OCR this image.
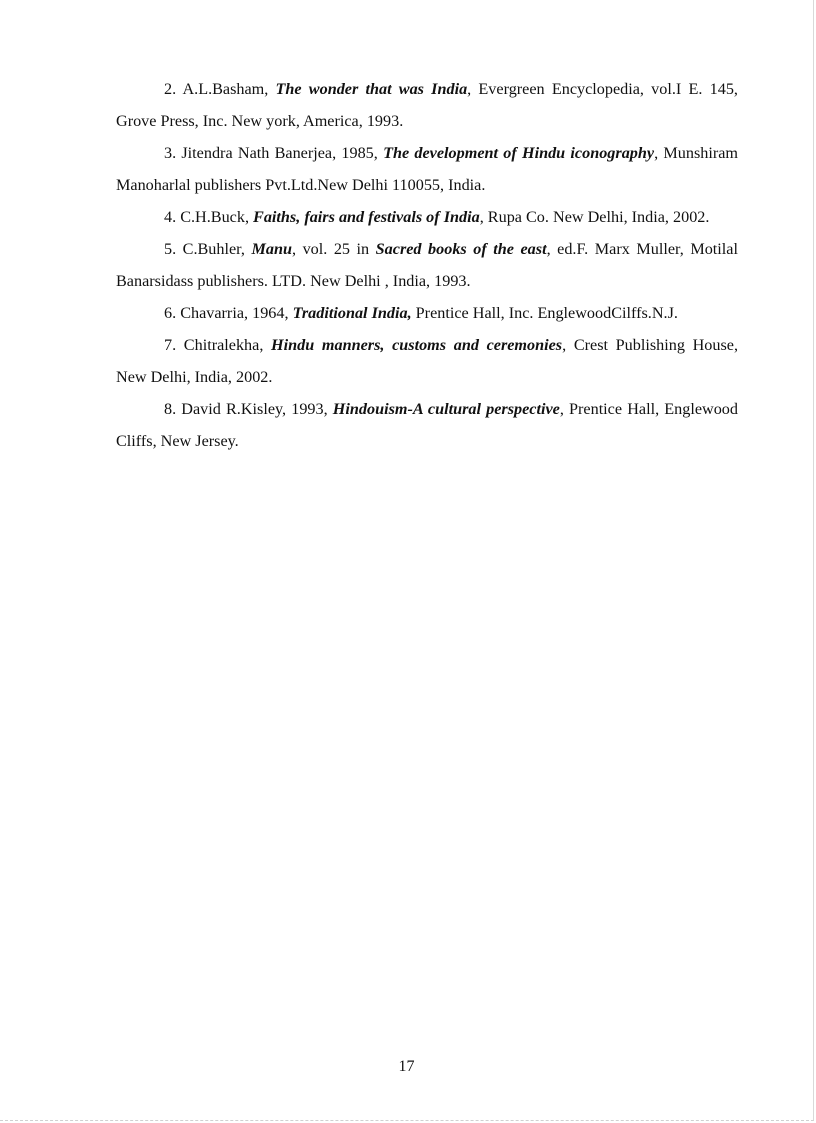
2. A.L.Basham, The wonder that was India, Evergreen Encyclopedia, vol.I E. 145, Grove Press, Inc. New york, America, 1993.

3. Jitendra Nath Banerjea, 1985, The development of Hindu iconography, Munshiram Manoharlal publishers Pvt.Ltd.New Delhi 110055, India.

4. C.H.Buck, Faiths, fairs and festivals of India, Rupa Co. New Delhi, India, 2002.

5. C.Buhler, Manu, vol. 25 in Sacred books of the east, ed.F. Marx Muller, Motilal Banarsidass publishers. LTD. New Delhi , India, 1993.

6. Chavarria, 1964, Traditional India, Prentice Hall, Inc. EnglewoodCilffs.N.J.

7. Chitralekha, Hindu manners, customs and ceremonies, Crest Publishing House, New Delhi, India, 2002.

8. David R.Kisley, 1993, Hindouism-A cultural perspective, Prentice Hall, Englewood Cliffs, New Jersey.

17
